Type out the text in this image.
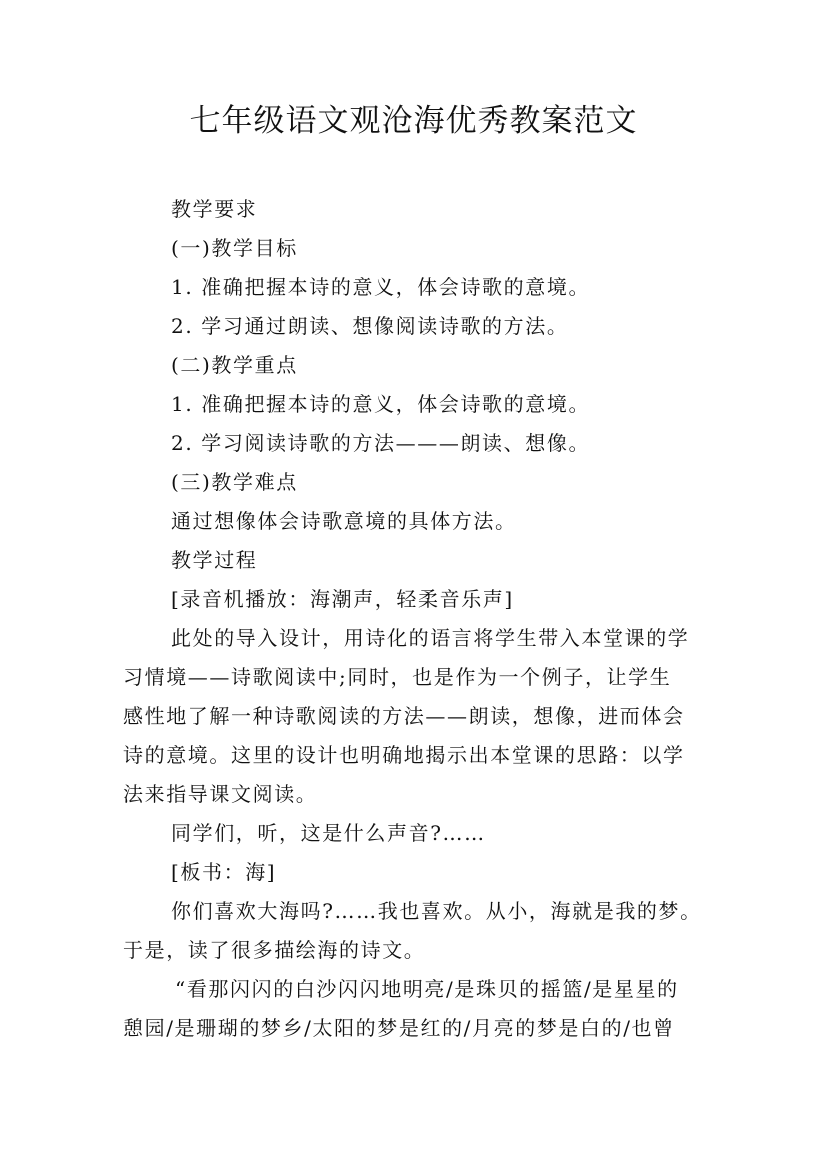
七年级语文观沧海优秀教案范文

教学要求

(一)教学目标

1. 准确把握本诗的意义，体会诗歌的意境。

2. 学习通过朗读、想像阅读诗歌的方法。

(二)教学重点

1. 准确把握本诗的意义，体会诗歌的意境。

2. 学习阅读诗歌的方法———朗读、想像。

(三)教学难点

通过想像体会诗歌意境的具体方法。

教学过程

[录音机播放：海潮声，轻柔音乐声]

此处的导入设计，用诗化的语言将学生带入本堂课的学

习情境——诗歌阅读中;同时，也是作为一个例子，让学生

感性地了解一种诗歌阅读的方法——朗读，想像，进而体会

诗的意境。这里的设计也明确地揭示出本堂课的思路：以学

法来指导课文阅读。

同学们，听，这是什么声音?……

[板书：海]

你们喜欢大海吗?……我也喜欢。从小，海就是我的梦。

于是，读了很多描绘海的诗文。

“看那闪闪的白沙闪闪地明亮/是珠贝的摇篮/是星星的

憩园/是珊瑚的梦乡/太阳的梦是红的/月亮的梦是白的/也曾
